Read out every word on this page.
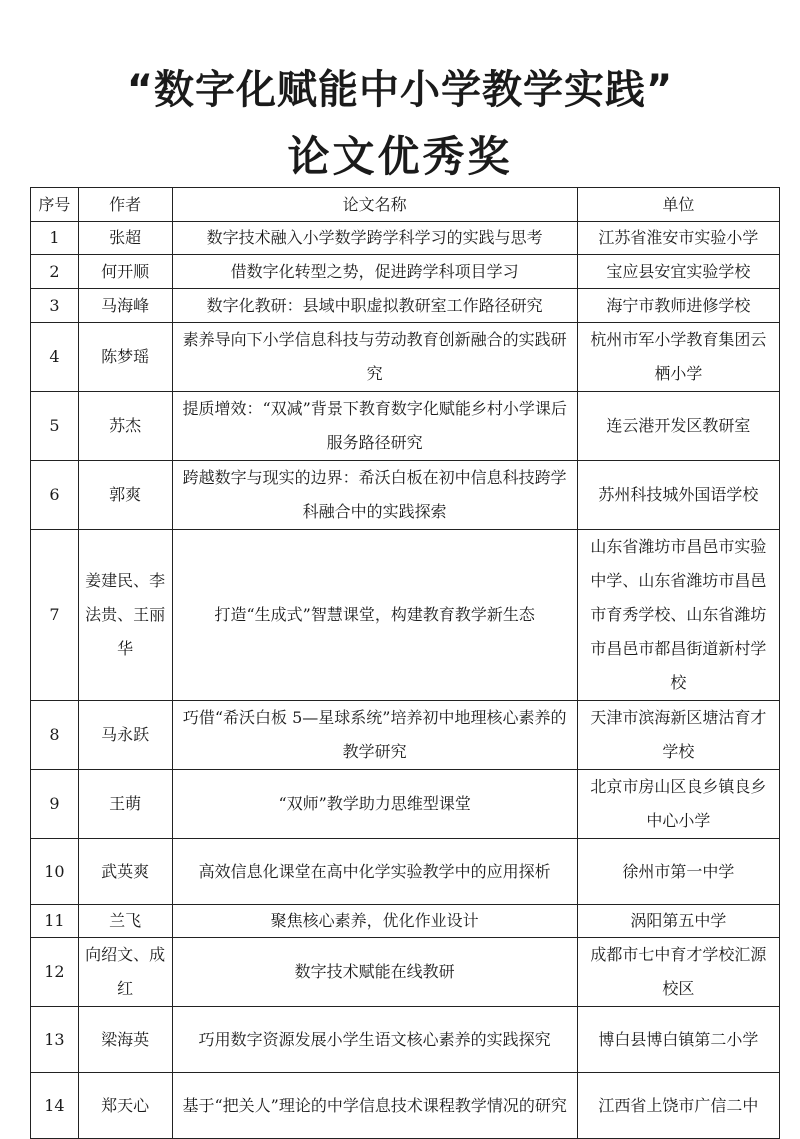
“数字化赋能中小学教学实践”
论文优秀奖
序号	作者	论文名称	单位
1	张超	数字技术融入小学数学跨学科学习的实践与思考	江苏省淮安市实验小学
2	何开顺	借数字化转型之势，促进跨学科项目学习	宝应县安宜实验学校
3	马海峰	数字化教研：县域中职虚拟教研室工作路径研究	海宁市教师进修学校
4	陈梦瑶	素养导向下小学信息科技与劳动教育创新融合的实践研究	杭州市军小学教育集团云栖小学
5	苏杰	提质增效：“双减”背景下教育数字化赋能乡村小学课后服务路径研究	连云港开发区教研室
6	郭爽	跨越数字与现实的边界：希沃白板在初中信息科技跨学科融合中的实践探索	苏州科技城外国语学校
7	姜建民、李法贵、王丽华	打造“生成式”智慧课堂，构建教育教学新生态	山东省潍坊市昌邑市实验中学、山东省潍坊市昌邑市育秀学校、山东省潍坊市昌邑市都昌街道新村学校
8	马永跃	巧借“希沃白板 5—星球系统”培养初中地理核心素养的教学研究	天津市滨海新区塘沽育才学校
9	王萌	“双师”教学助力思维型课堂	北京市房山区良乡镇良乡中心小学
10	武英爽	高效信息化课堂在高中化学实验教学中的应用探析	徐州市第一中学
11	兰飞	聚焦核心素养，优化作业设计	涡阳第五中学
12	向绍文、成红	数字技术赋能在线教研	成都市七中育才学校汇源校区
13	梁海英	巧用数字资源发展小学生语文核心素养的实践探究	博白县博白镇第二小学
14	郑天心	基于“把关人”理论的中学信息技术课程教学情况的研究	江西省上饶市广信二中
